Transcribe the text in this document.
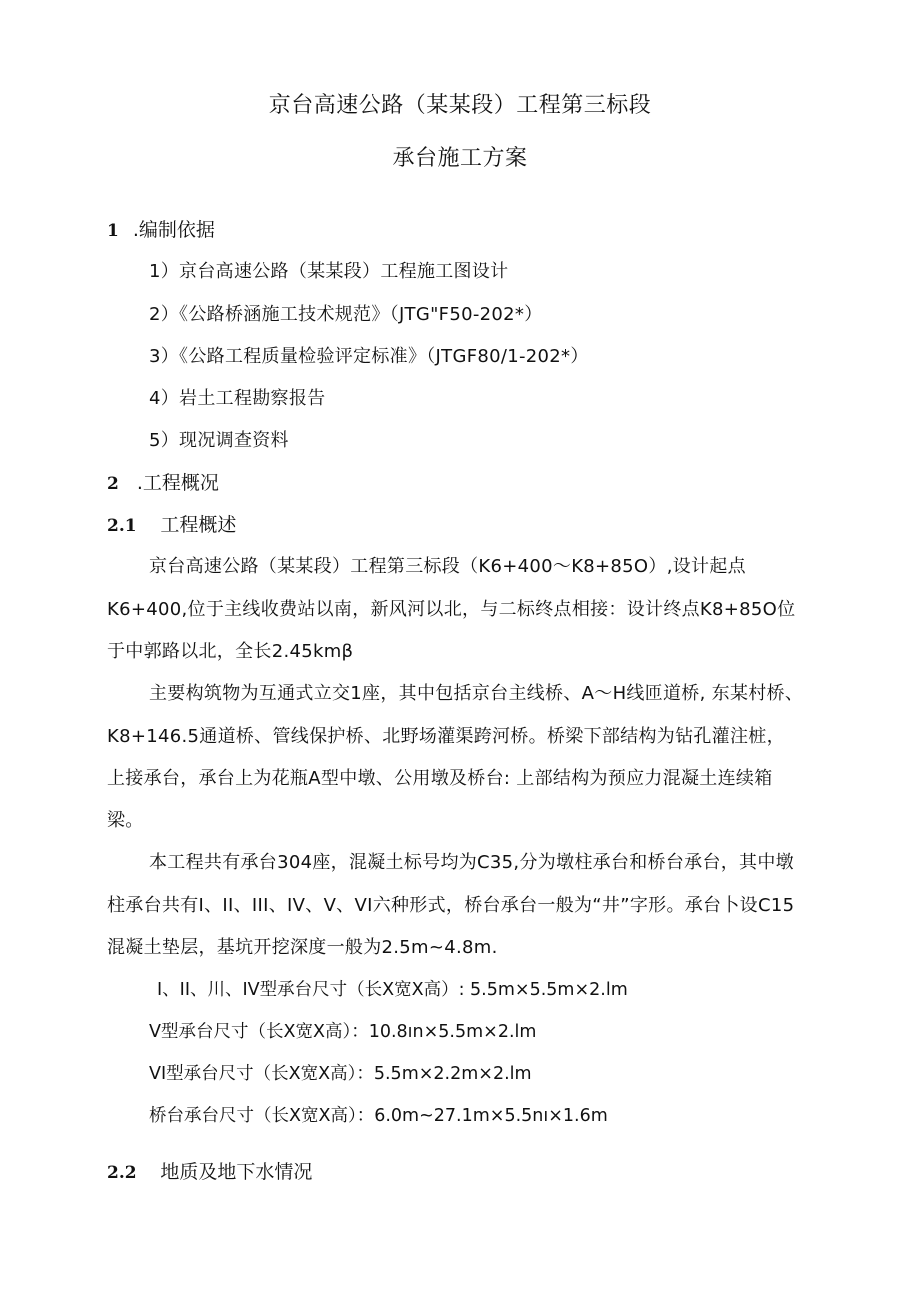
京台高速公路（某某段）工程第三标段
承台施工方案
1 .编制依据
1）京台高速公路（某某段）工程施工图设计
2）《公路桥涵施工技术规范》（JTG"F50-202*）
3）《公路工程质量检验评定标准》（JTGF80/1-202*）
4）岩土工程勘察报告
5）现况调查资料
2 .工程概况
2.1 工程概述
京台高速公路（某某段）工程第三标段（K6+400～K8+85O）,设计起点
K6+400,位于主线收费站以南，新风河以北，与二标终点相接：设计终点K8+85O位
于中郭路以北，全长2.45kmβ
主要构筑物为互通式立交1座，其中包括京台主线桥、A～H线匝道桥, 东某村桥、
K8+146.5通道桥、管线保护桥、北野场灌渠跨河桥。桥梁下部结构为钻孔灌注桩，
上接承台，承台上为花瓶A型中墩、公用墩及桥台: 上部结构为预应力混凝土连续箱
梁。
本工程共有承台304座，混凝土标号均为C35,分为墩柱承台和桥台承台，其中墩
柱承台共有I、II、III、IV、V、VI六种形式，桥台承台一般为“井”字形。承台卜设C15
混凝土垫层，基坑开挖深度一般为2.5m~4.8m.
I、II、川、IV型承台尺寸（长X宽X高）: 5.5m×5.5m×2.lm
V型承台尺寸（长X宽X高）：10.8ın×5.5m×2.lm
VI型承台尺寸（长X宽X高）：5.5m×2.2m×2.lm
桥台承台尺寸（长X宽X高）：6.0m~27.1m×5.5nı×1.6m
2.2 地质及地下水情况
